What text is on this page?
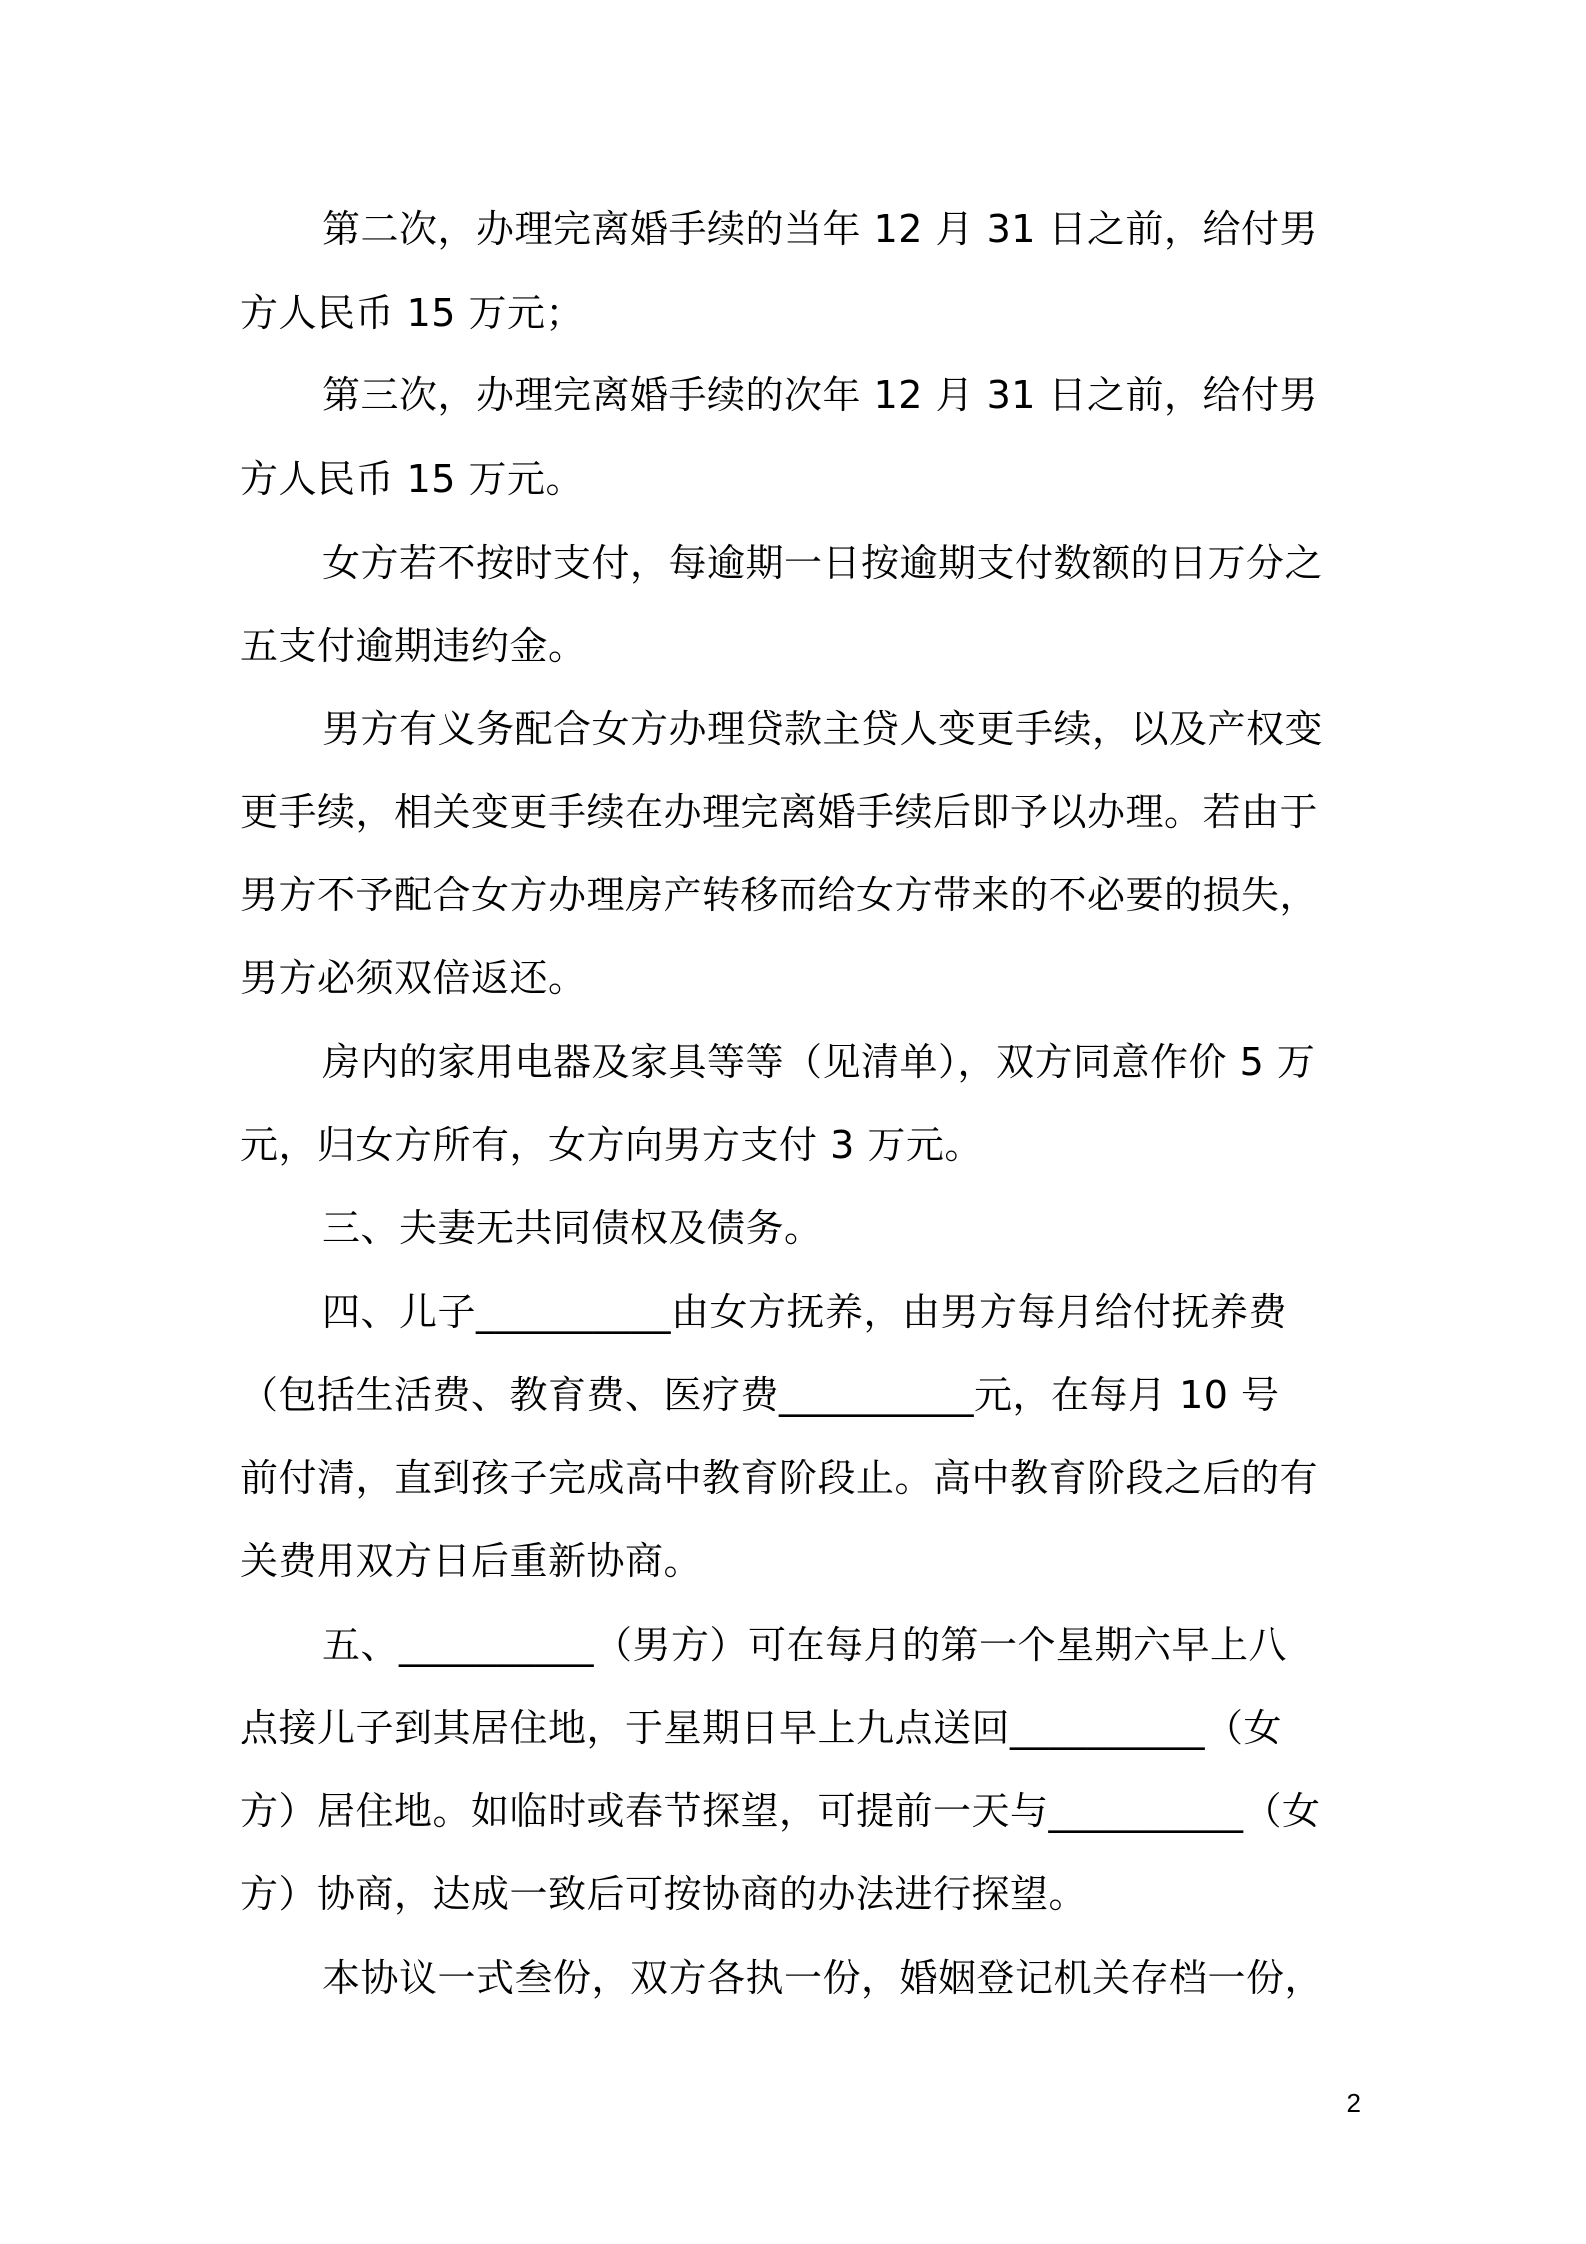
第二次，办理完离婚手续的当年 12 月 31 日之前，给付男
方人民币 15 万元；
第三次，办理完离婚手续的次年 12 月 31 日之前，给付男
方人民币 15 万元。
女方若不按时支付，每逾期一日按逾期支付数额的日万分之
五支付逾期违约金。
男方有义务配合女方办理贷款主贷人变更手续，以及产权变
更手续，相关变更手续在办理完离婚手续后即予以办理。若由于
男方不予配合女方办理房产转移而给女方带来的不必要的损失，
男方必须双倍返还。
房内的家用电器及家具等等（见清单），双方同意作价 5 万
元，归女方所有，女方向男方支付 3 万元。
三、夫妻无共同债权及债务。
四、儿子__________由女方抚养，由男方每月给付抚养费
（包括生活费、教育费、医疗费__________元，在每月 10 号
前付清，直到孩子完成高中教育阶段止。高中教育阶段之后的有
关费用双方日后重新协商。
五、__________（男方）可在每月的第一个星期六早上八
点接儿子到其居住地，于星期日早上九点送回__________（女
方）居住地。如临时或春节探望，可提前一天与__________（女
方）协商，达成一致后可按协商的办法进行探望。
本协议一式叁份，双方各执一份，婚姻登记机关存档一份，
2
